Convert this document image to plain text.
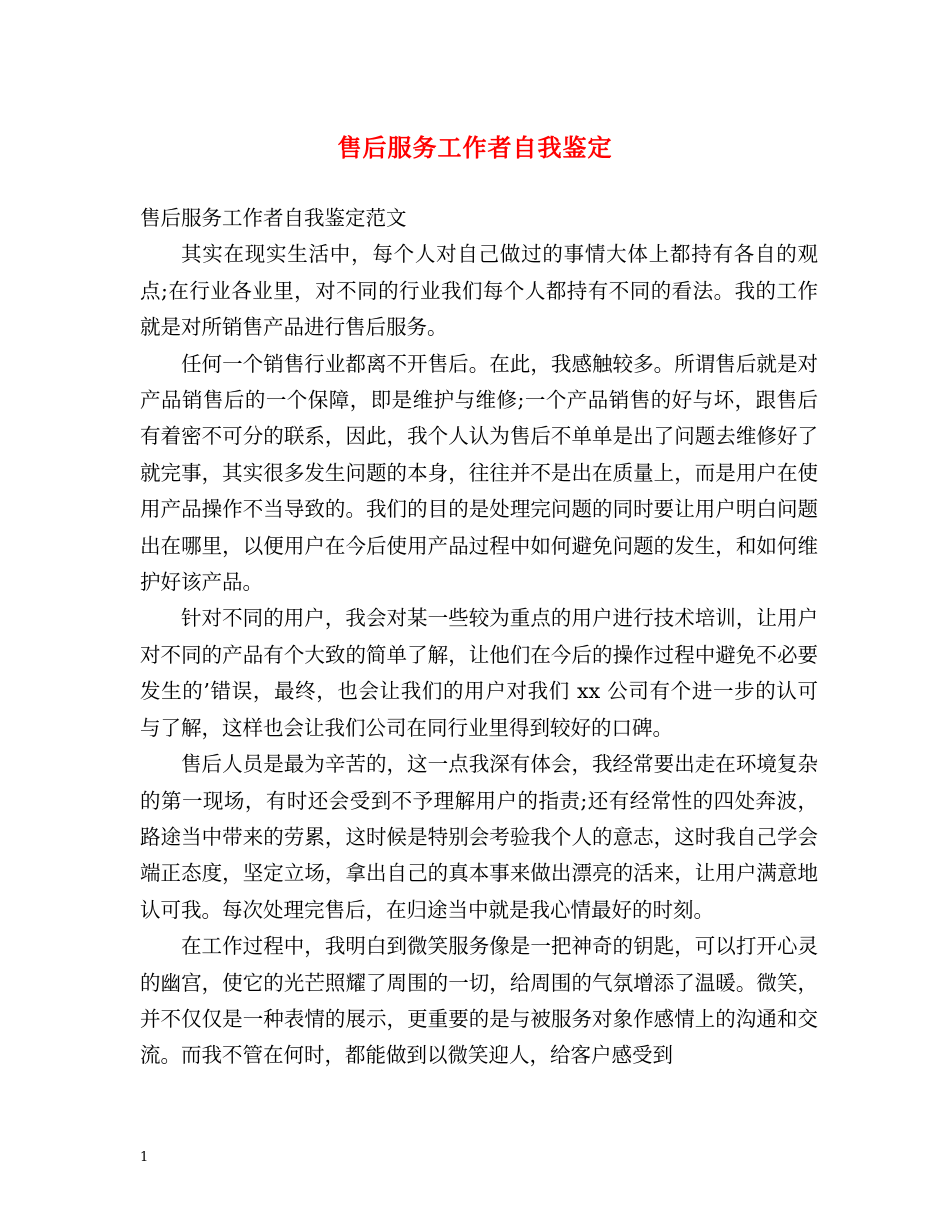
售后服务工作者自我鉴定

售后服务工作者自我鉴定范文

其实在现实生活中，每个人对自己做过的事情大体上都持有各自的观点;在行业各业里，对不同的行业我们每个人都持有不同的看法。我的工作就是对所销售产品进行售后服务。

任何一个销售行业都离不开售后。在此，我感触较多。所谓售后就是对产品销售后的一个保障，即是维护与维修;一个产品销售的好与坏，跟售后有着密不可分的联系，因此，我个人认为售后不单单是出了问题去维修好了就完事，其实很多发生问题的本身，往往并不是出在质量上，而是用户在使用产品操作不当导致的。我们的目的是处理完问题的同时要让用户明白问题出在哪里，以便用户在今后使用产品过程中如何避免问题的发生，和如何维护好该产品。

针对不同的用户，我会对某一些较为重点的用户进行技术培训，让用户对不同的产品有个大致的简单了解，让他们在今后的操作过程中避免不必要发生的’错误，最终，也会让我们的用户对我们 xx 公司有个进一步的认可与了解，这样也会让我们公司在同行业里得到较好的口碑。

售后人员是最为辛苦的，这一点我深有体会，我经常要出走在环境复杂的第一现场，有时还会受到不予理解用户的指责;还有经常性的四处奔波，路途当中带来的劳累，这时候是特别会考验我个人的意志，这时我自己学会端正态度，坚定立场，拿出自己的真本事来做出漂亮的活来，让用户满意地认可我。每次处理完售后，在归途当中就是我心情最好的时刻。

在工作过程中，我明白到微笑服务像是一把神奇的钥匙，可以打开心灵的幽宫，使它的光芒照耀了周围的一切，给周围的气氛增添了温暖。微笑，并不仅仅是一种表情的展示，更重要的是与被服务对象作感情上的沟通和交流。而我不管在何时，都能做到以微笑迎人，给客户感受到

1
